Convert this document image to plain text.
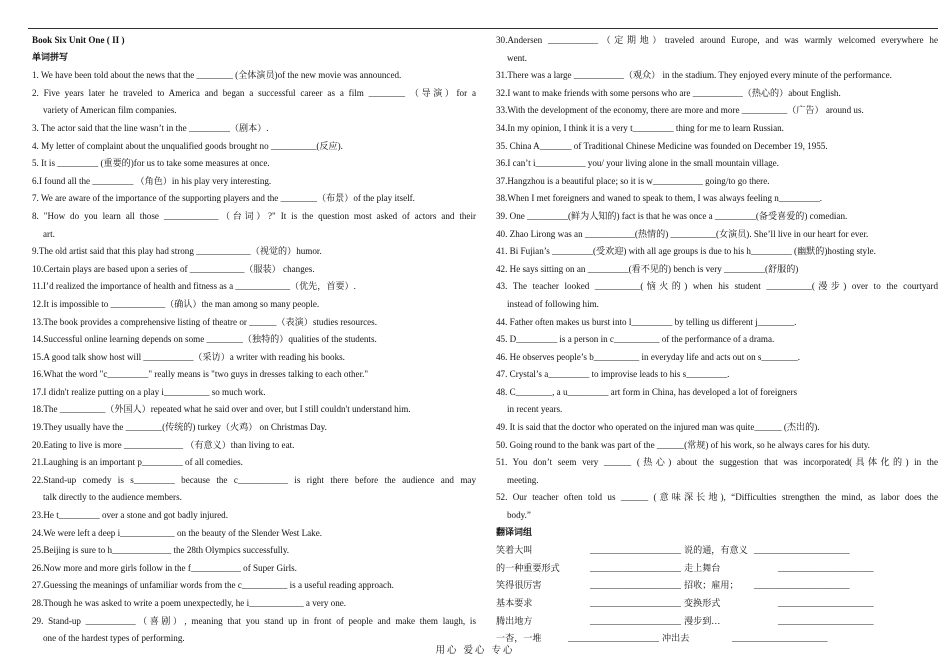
Book Six Unit One ( II )
单词拼写
1. We have been told about the news that the ________ (全体演员)of the new movie was announced.
2. Five years later he traveled to America and began a successful career as a film ________ （导演）for a
variety of American film companies.
3. The actor said that the line wasn’t in the _________（剧本）.
4. My letter of complaint about the unqualified goods brought no __________(反应).
5. It is _________ (重要的)for us to take some measures at once.
6.I found all the _________ （角色）in his play very interesting.
7. We are aware of the importance of the supporting players and the ________（布景）of the play itself.
8. "How do you learn all those ____________（台词）?" It is the question most asked of actors and their
art.
9.The old artist said that this play had strong ____________（视觉的）humor.
10.Certain plays are based upon a series of ____________（服装） changes.
11.I’d realized the importance of health and fitness as a ____________（优先，首要）.
12.It is impossible to ____________（确认）the man among so many people.
13.The book provides a comprehensive listing of theatre or ______（表演）studies resources.
14.Successful online learning depends on some ________（独特的）qualities of the students.
15.A good talk show host will ___________（采访）a writer with reading his books.
16.What the word "c_________" really means is "two guys in dresses talking to each other."
17.I didn't realize putting on a play i__________ so much work.
18.The __________（外国人）repeated what he said over and over, but I still couldn't understand him.
19.They usually have the ________(传统的) turkey（火鸡） on Christmas Day.
20.Eating to live is more _____________ （有意义）than living to eat.
21.Laughing is an important p_________ of all comedies.
22.Stand-up comedy is s_________ because the c___________ is right there before the audience and may
talk directly to the audience members.
23.He t_________ over a stone and got badly injured.
24.We were left a deep i____________ on the beauty of the Slender West Lake.
25.Beijing is sure to h_____________ the 28th Olympics successfully.
26.Now more and more girls follow in the f___________ of Super Girls.
27.Guessing the meanings of unfamiliar words from the c__________ is a useful reading approach.
28.Though he was asked to write a poem unexpectedly, he i____________ a very one.
29. Stand-up ___________（喜剧）, meaning that you stand up in front of people and make them laugh, is
one of the hardest types of performing.
30.Andersen ___________（定期地）traveled around Europe, and was warmly welcomed everywhere he
went.
31.There was a large ___________（观众） in the stadium. They enjoyed every minute of the performance.
32.I want to make friends with some persons who are ___________（热心的）about English.
33.With the development of the economy, there are more and more __________（广告） around us.
34.In my opinion, I think it is a very t_________ thing for me to learn Russian.
35. China A_______ of Traditional Chinese Medicine was founded on December 19, 1955.
36.I can’t i___________ you/ your living alone in the small mountain village.
37.Hangzhou is a beautiful place; so it is w___________ going/to go there.
38.When I met foreigners and waned to speak to them, I was always feeling n_________.
39. One _________(鲜为人知的) fact is that he was once a _________(备受喜爱的) comedian.
40. Zhao Lirong was an ___________(热情的) __________(女演员). She’ll live in our heart for ever.
41. Bi Fujian’s _________(受欢迎) with all age groups is due to his h_________ (幽默的)hosting style.
42. He says sitting on an _________(看不见的) bench is very _________(舒服的)
43. The teacher looked __________(恼火的) when his student __________(漫步) over to the courtyard
instead of following him.
44. Father often makes us burst into l_________ by telling us different j________.
45. D_________ is a person in c__________ of the performance of a drama.
46. He observes people’s b__________ in everyday life and acts out on s________.
47. Crystal’s a_________ to improvise leads to his s_________.
48. C________, a u_________ art form in China, has developed a lot of foreigners
in recent years.
49. It is said that the doctor who operated on the injured man was quite______ (杰出的).
50. Going round to the bank was part of the ______(常规) of his work, so he always cares for his duty.
51. You don’t seem very ______ (热心) about the suggestion that was incorporated(具体化的) in the
meeting.
52. Our teacher often told us ______ (意味深长地), “Difficulties strengthen the mind, as labor does the
body.”
翻译词组
笑着大叫	____________________ 说的通，有意义 _____________________
的一种重要形式	____________________ 走上舞台	_____________________
笑得很厉害	____________________ 招收；雇用； _____________________
基本要求	____________________ 变换形式	_____________________
腾出地方	____________________ 漫步到…	_____________________
一杳，一堆	____________________ 冲出去	_____________________
用心 爱心 专心
